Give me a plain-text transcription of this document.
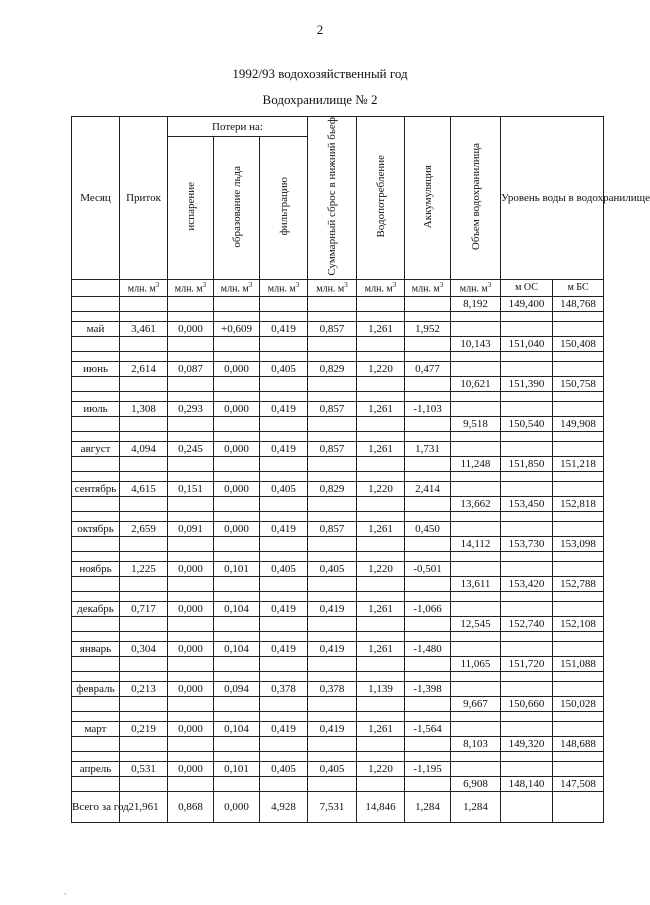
2
1992/93 водохозяйственный год
Водохранилище № 2
Месяц	Приток	Потери на:			Суммарный сброс в нижний бьеф	Водопотребление	Аккумуляция	Объем водохранилища	Уровень воды в водохранилище	
		испарение	образование льда	фильтрацию						
	млн. $м^3$	млн. $м^3$	млн. $м^3$	млн. $м^3$	млн. $м^3$	млн. $м^3$	млн. $м^3$	млн. $м^3$	м ОС	м БС
								8,192	149,400	148,768

май	3,461	0,000	+0,609	0,419	0,857	1,261	1,952			
								10,143	151,040	150,408

июнь	2,614	0,087	0,000	0,405	0,829	1,220	0,477			
								10,621	151,390	150,758

июль	1,308	0,293	0,000	0,419	0,857	1,261	-1,103			
								9,518	150,540	149,908

август	4,094	0,245	0,000	0,419	0,857	1,261	1,731			
								11,248	151,850	151,218

сентябрь	4,615	0,151	0,000	0,405	0,829	1,220	2,414			
								13,662	153,450	152,818

октябрь	2,659	0,091	0,000	0,419	0,857	1,261	0,450			
								14,112	153,730	153,098

ноябрь	1,225	0,000	0,101	0,405	0,405	1,220	-0,501			
								13,611	153,420	152,788

декабрь	0,717	0,000	0,104	0,419	0,419	1,261	-1,066			
								12,545	152,740	152,108

январь	0,304	0,000	0,104	0,419	0,419	1,261	-1,480			
								11,065	151,720	151,088

февраль	0,213	0,000	0,094	0,378	0,378	1,139	-1,398			
								9,667	150,660	150,028

март	0,219	0,000	0,104	0,419	0,419	1,261	-1,564			
								8,103	149,320	148,688

апрель	0,531	0,000	0,101	0,405	0,405	1,220	-1,195			
								6,908	148,140	147,508
Всего за год	21,961	0,868	0,000	4,928	7,531	14,846	1,284	1,284		
`
